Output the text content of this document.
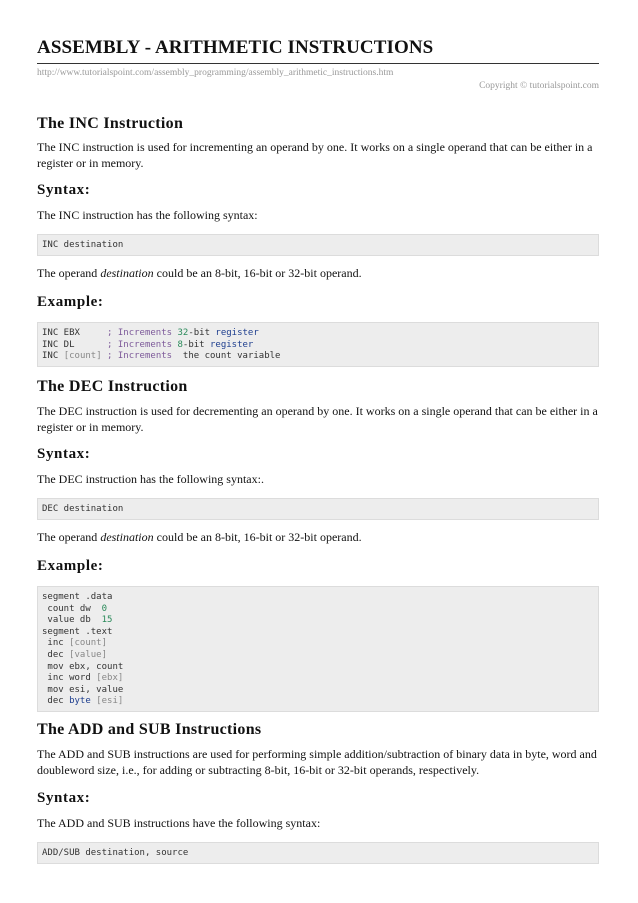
ASSEMBLY - ARITHMETIC INSTRUCTIONS
http://www.tutorialspoint.com/assembly_programming/assembly_arithmetic_instructions.htm
Copyright © tutorialspoint.com
The INC Instruction

The INC instruction is used for incrementing an operand by one. It works on a single operand that can be either in a register or in memory.

Syntax:

The INC instruction has the following syntax:

INC destination

The operand destination could be an 8-bit, 16-bit or 32-bit operand.

Example:
INC EBX     ; Increments 32-bit register
INC DL      ; Increments 8-bit register
INC [count] ; Increments  the count variable
The DEC Instruction

The DEC instruction is used for decrementing an operand by one. It works on a single operand that can be either in a register or in memory.

Syntax:

The DEC instruction has the following syntax:.

DEC destination

The operand destination could be an 8-bit, 16-bit or 32-bit operand.

Example:
segment .data
count dw  0
value db  15
segment .text
inc [count]
dec [value]
mov ebx, count
inc word [ebx]
mov esi, value
dec byte [esi]
The ADD and SUB Instructions

The ADD and SUB instructions are used for performing simple addition/subtraction of binary data in byte, word and doubleword size, i.e., for adding or subtracting 8-bit, 16-bit or 32-bit operands, respectively.

Syntax:

The ADD and SUB instructions have the following syntax:

ADD/SUB destination, source
